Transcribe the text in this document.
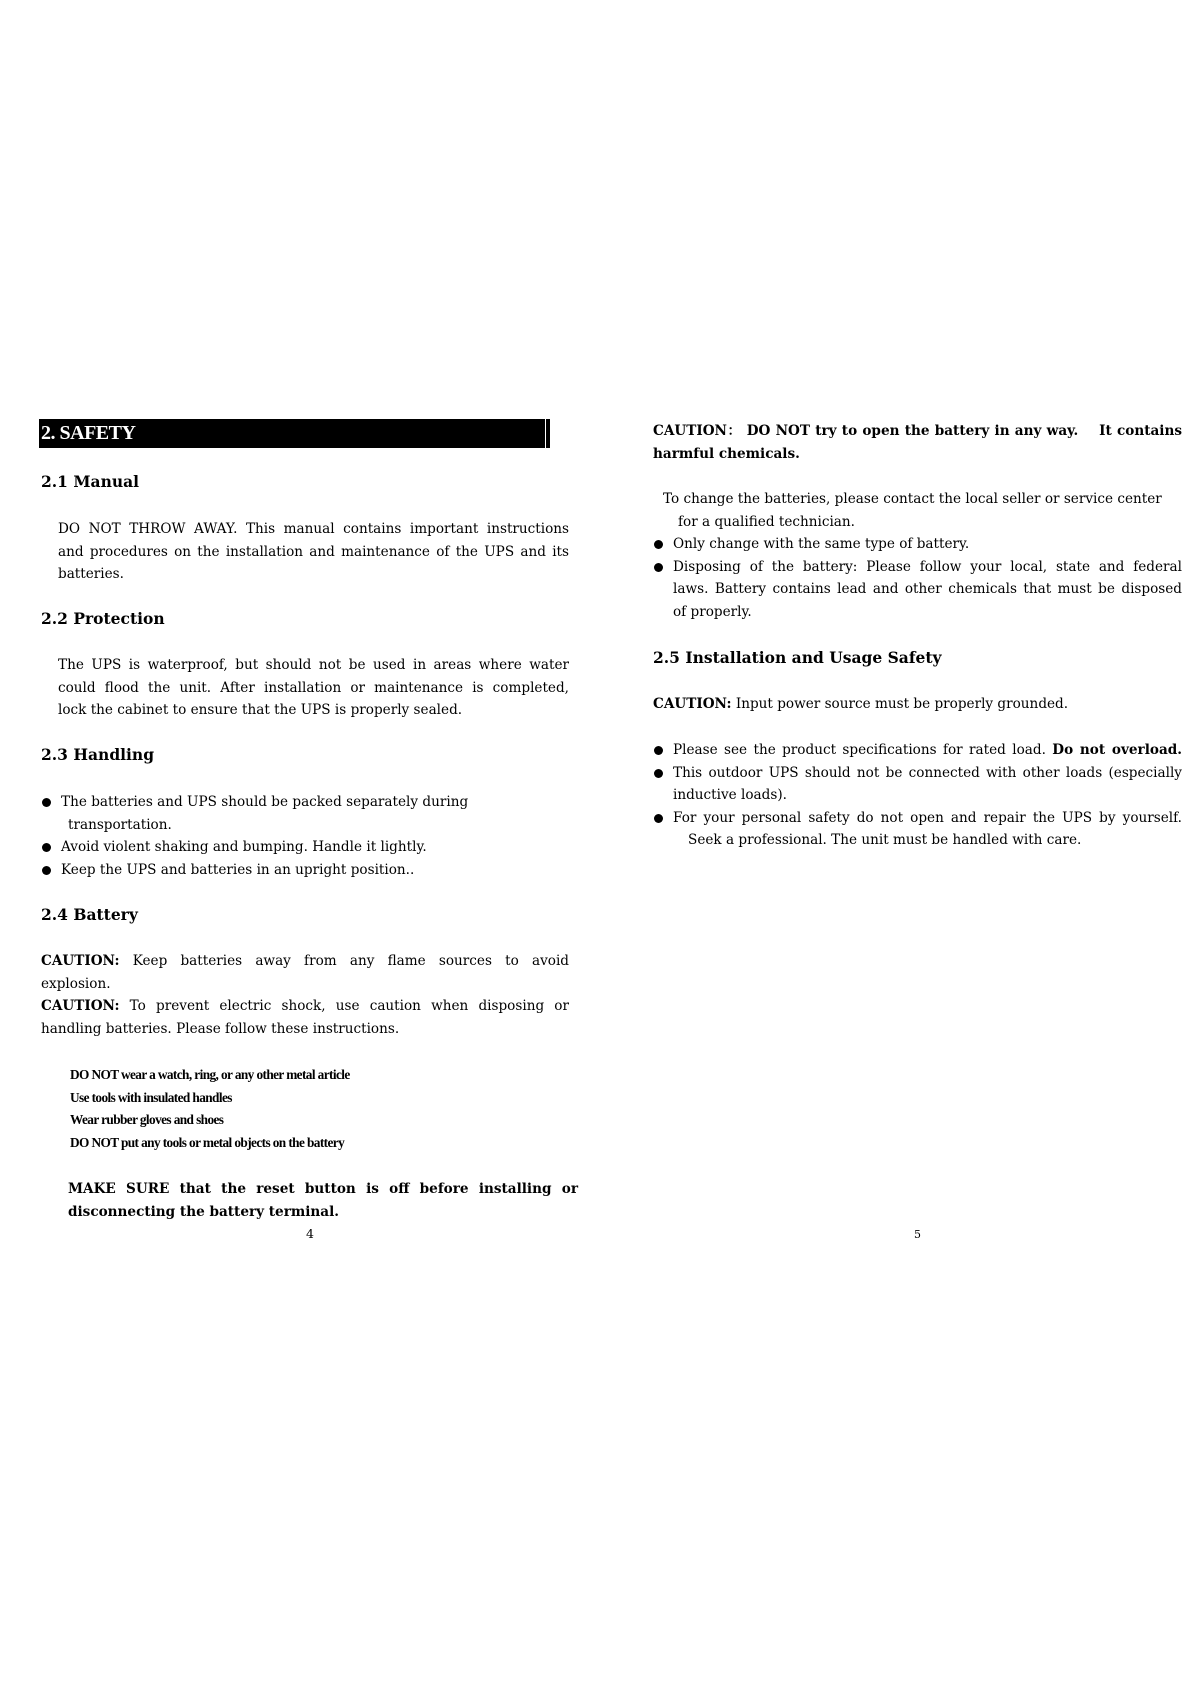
2. SAFETY
2.1 Manual
DO NOT THROW AWAY. This manual contains important instructions
and procedures on the installation and maintenance of the UPS and its
batteries.
2.2 Protection
The UPS is waterproof, but should not be used in areas where water
could flood the unit. After installation or maintenance is completed,
lock the cabinet to ensure that the UPS is properly sealed.
2.3 Handling
The batteries and UPS should be packed separately during
transportation.
Avoid violent shaking and bumping. Handle it lightly.
Keep the UPS and batteries in an upright position..
2.4 Battery
CAUTION: Keep batteries away from any flame sources to avoid
explosion.
CAUTION: To prevent electric shock, use caution when disposing or
handling batteries. Please follow these instructions.
DO NOT wear a watch, ring, or any other metal article
Use tools with insulated handles
Wear rubber gloves and shoes
DO NOT put any tools or metal objects on the battery
MAKE SURE that the reset button is off before installing or
disconnecting the battery terminal.
4
CAUTION： DO NOT try to open the battery in any way.    It contains
harmful chemicals.
To change the batteries, please contact the local seller or service center
for a qualified technician.
Only change with the same type of battery.
Disposing of the battery: Please follow your local, state and federal
laws. Battery contains lead and other chemicals that must be disposed
of properly.
2.5 Installation and Usage Safety
CAUTION: Input power source must be properly grounded.
Please see the product specifications for rated load. Do not overload.
This outdoor UPS should not be connected with other loads (especially
inductive loads).
For your personal safety do not open and repair the UPS by yourself.
Seek a professional. The unit must be handled with care.
5
